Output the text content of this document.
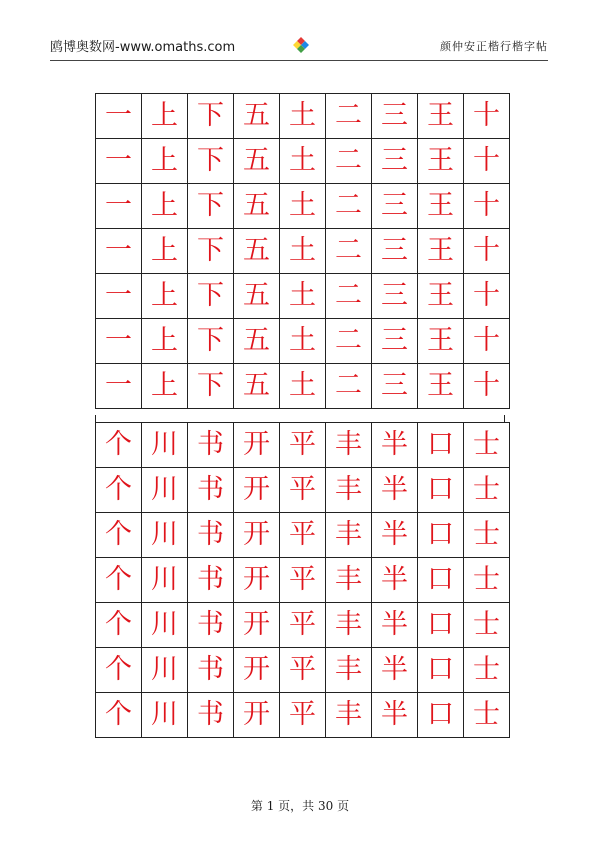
鸥博奥数网-www.omaths.com	颜仲安正楷行楷字帖
一	上	下	五	土	二	三	王	十
一	上	下	五	土	二	三	王	十
一	上	下	五	土	二	三	王	十
一	上	下	五	土	二	三	王	十
一	上	下	五	土	二	三	王	十
一	上	下	五	土	二	三	王	十
一	上	下	五	土	二	三	王	十
个	川	书	开	平	丰	半	口	士
个	川	书	开	平	丰	半	口	士
个	川	书	开	平	丰	半	口	士
个	川	书	开	平	丰	半	口	士
个	川	书	开	平	丰	半	口	士
个	川	书	开	平	丰	半	口	士
个	川	书	开	平	丰	半	口	士
第 1 页，共 30 页
